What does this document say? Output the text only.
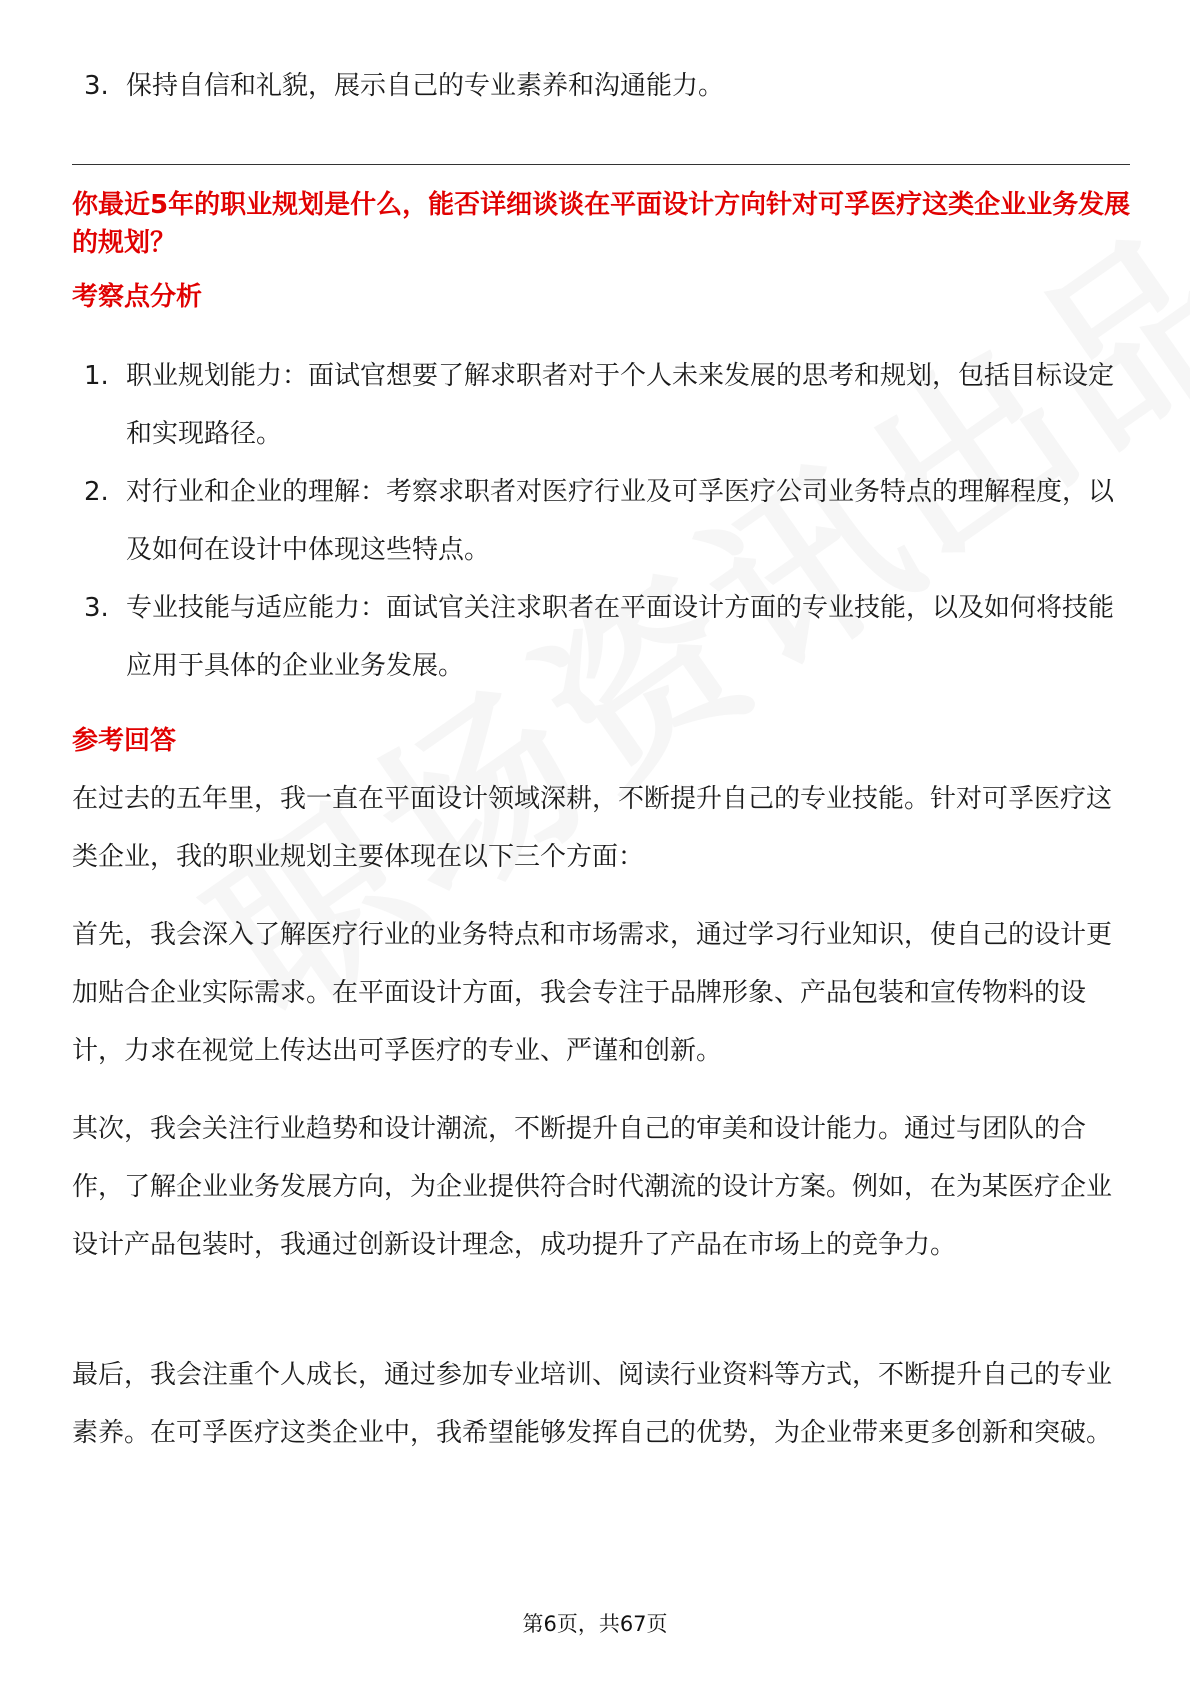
3. 保持自信和礼貌，展示自己的专业素养和沟通能力。
你最近5年的职业规划是什么，能否详细谈谈在平面设计方向针对可孚医疗这类企业业务发展的规划？
考察点分析
1. 职业规划能力：面试官想要了解求职者对于个人未来发展的思考和规划，包括目标设定和实现路径。
2. 对行业和企业的理解：考察求职者对医疗行业及可孚医疗公司业务特点的理解程度，以及如何在设计中体现这些特点。
3. 专业技能与适应能力：面试官关注求职者在平面设计方面的专业技能，以及如何将技能应用于具体的企业业务发展。
参考回答

在过去的五年里，我一直在平面设计领域深耕，不断提升自己的专业技能。针对可孚医疗这类企业，我的职业规划主要体现在以下三个方面：

首先，我会深入了解医疗行业的业务特点和市场需求，通过学习行业知识，使自己的设计更加贴合企业实际需求。在平面设计方面，我会专注于品牌形象、产品包装和宣传物料的设计，力求在视觉上传达出可孚医疗的专业、严谨和创新。

其次，我会关注行业趋势和设计潮流，不断提升自己的审美和设计能力。通过与团队的合作，了解企业业务发展方向，为企业提供符合时代潮流的设计方案。例如，在为某医疗企业设计产品包装时，我通过创新设计理念，成功提升了产品在市场上的竞争力。

最后，我会注重个人成长，通过参加专业培训、阅读行业资料等方式，不断提升自己的专业素养。在可孚医疗这类企业中，我希望能够发挥自己的优势，为企业带来更多创新和突破。

第6页，共67页
